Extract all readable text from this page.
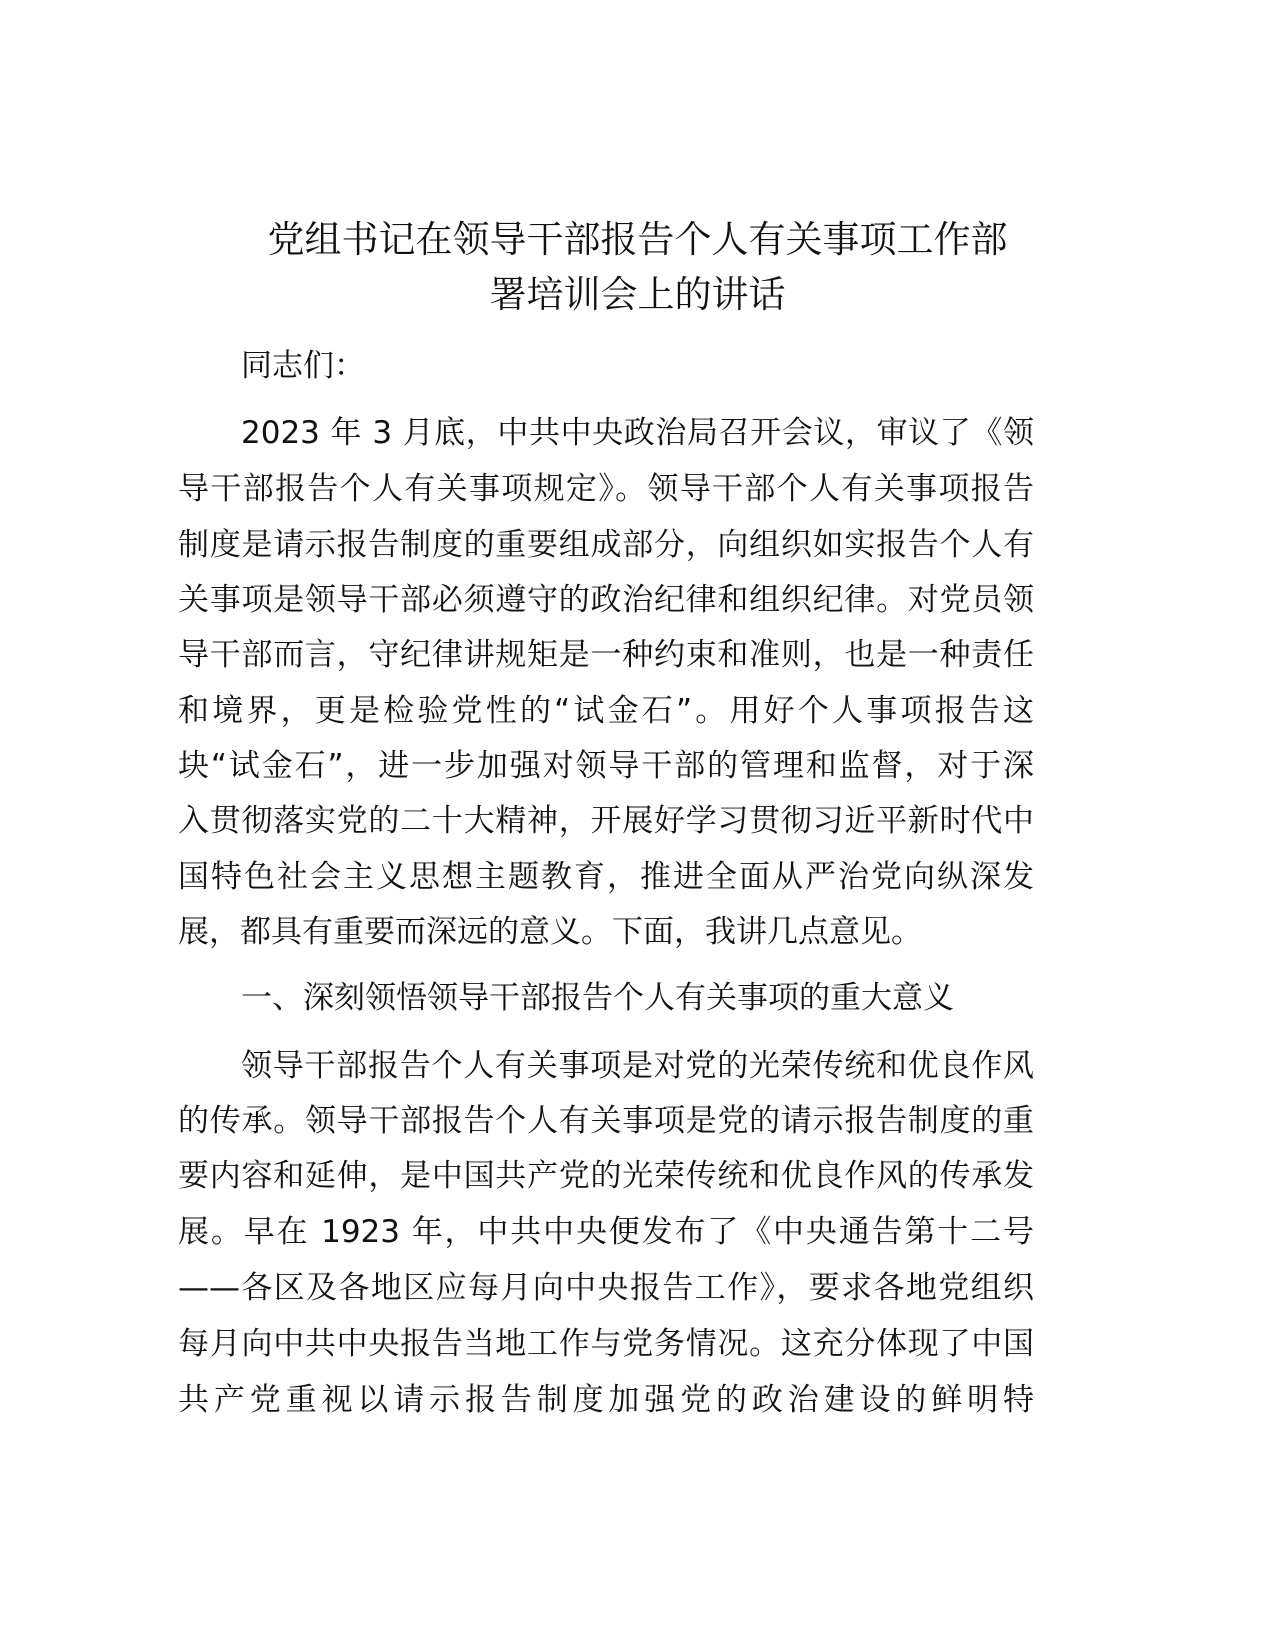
党组书记在领导干部报告个人有关事项工作部
署培训会上的讲话
同志们：
2023 年 3 月底，中共中央政治局召开会议，审议了《领
导干部报告个人有关事项规定》。领导干部个人有关事项报告
制度是请示报告制度的重要组成部分，向组织如实报告个人有
关事项是领导干部必须遵守的政治纪律和组织纪律。对党员领
导干部而言，守纪律讲规矩是一种约束和准则，也是一种责任
和境界，更是检验党性的“试金石”。用好个人事项报告这
块“试金石”，进一步加强对领导干部的管理和监督，对于深
入贯彻落实党的二十大精神，开展好学习贯彻习近平新时代中
国特色社会主义思想主题教育，推进全面从严治党向纵深发
展，都具有重要而深远的意义。下面，我讲几点意见。
一、深刻领悟领导干部报告个人有关事项的重大意义
领导干部报告个人有关事项是对党的光荣传统和优良作风
的传承。领导干部报告个人有关事项是党的请示报告制度的重
要内容和延伸，是中国共产党的光荣传统和优良作风的传承发
展。早在 1923 年，中共中央便发布了《中央通告第十二号
——各区及各地区应每月向中央报告工作》，要求各地党组织
每月向中共中央报告当地工作与党务情况。这充分体现了中国
共产党重视以请示报告制度加强党的政治建设的鲜明特
